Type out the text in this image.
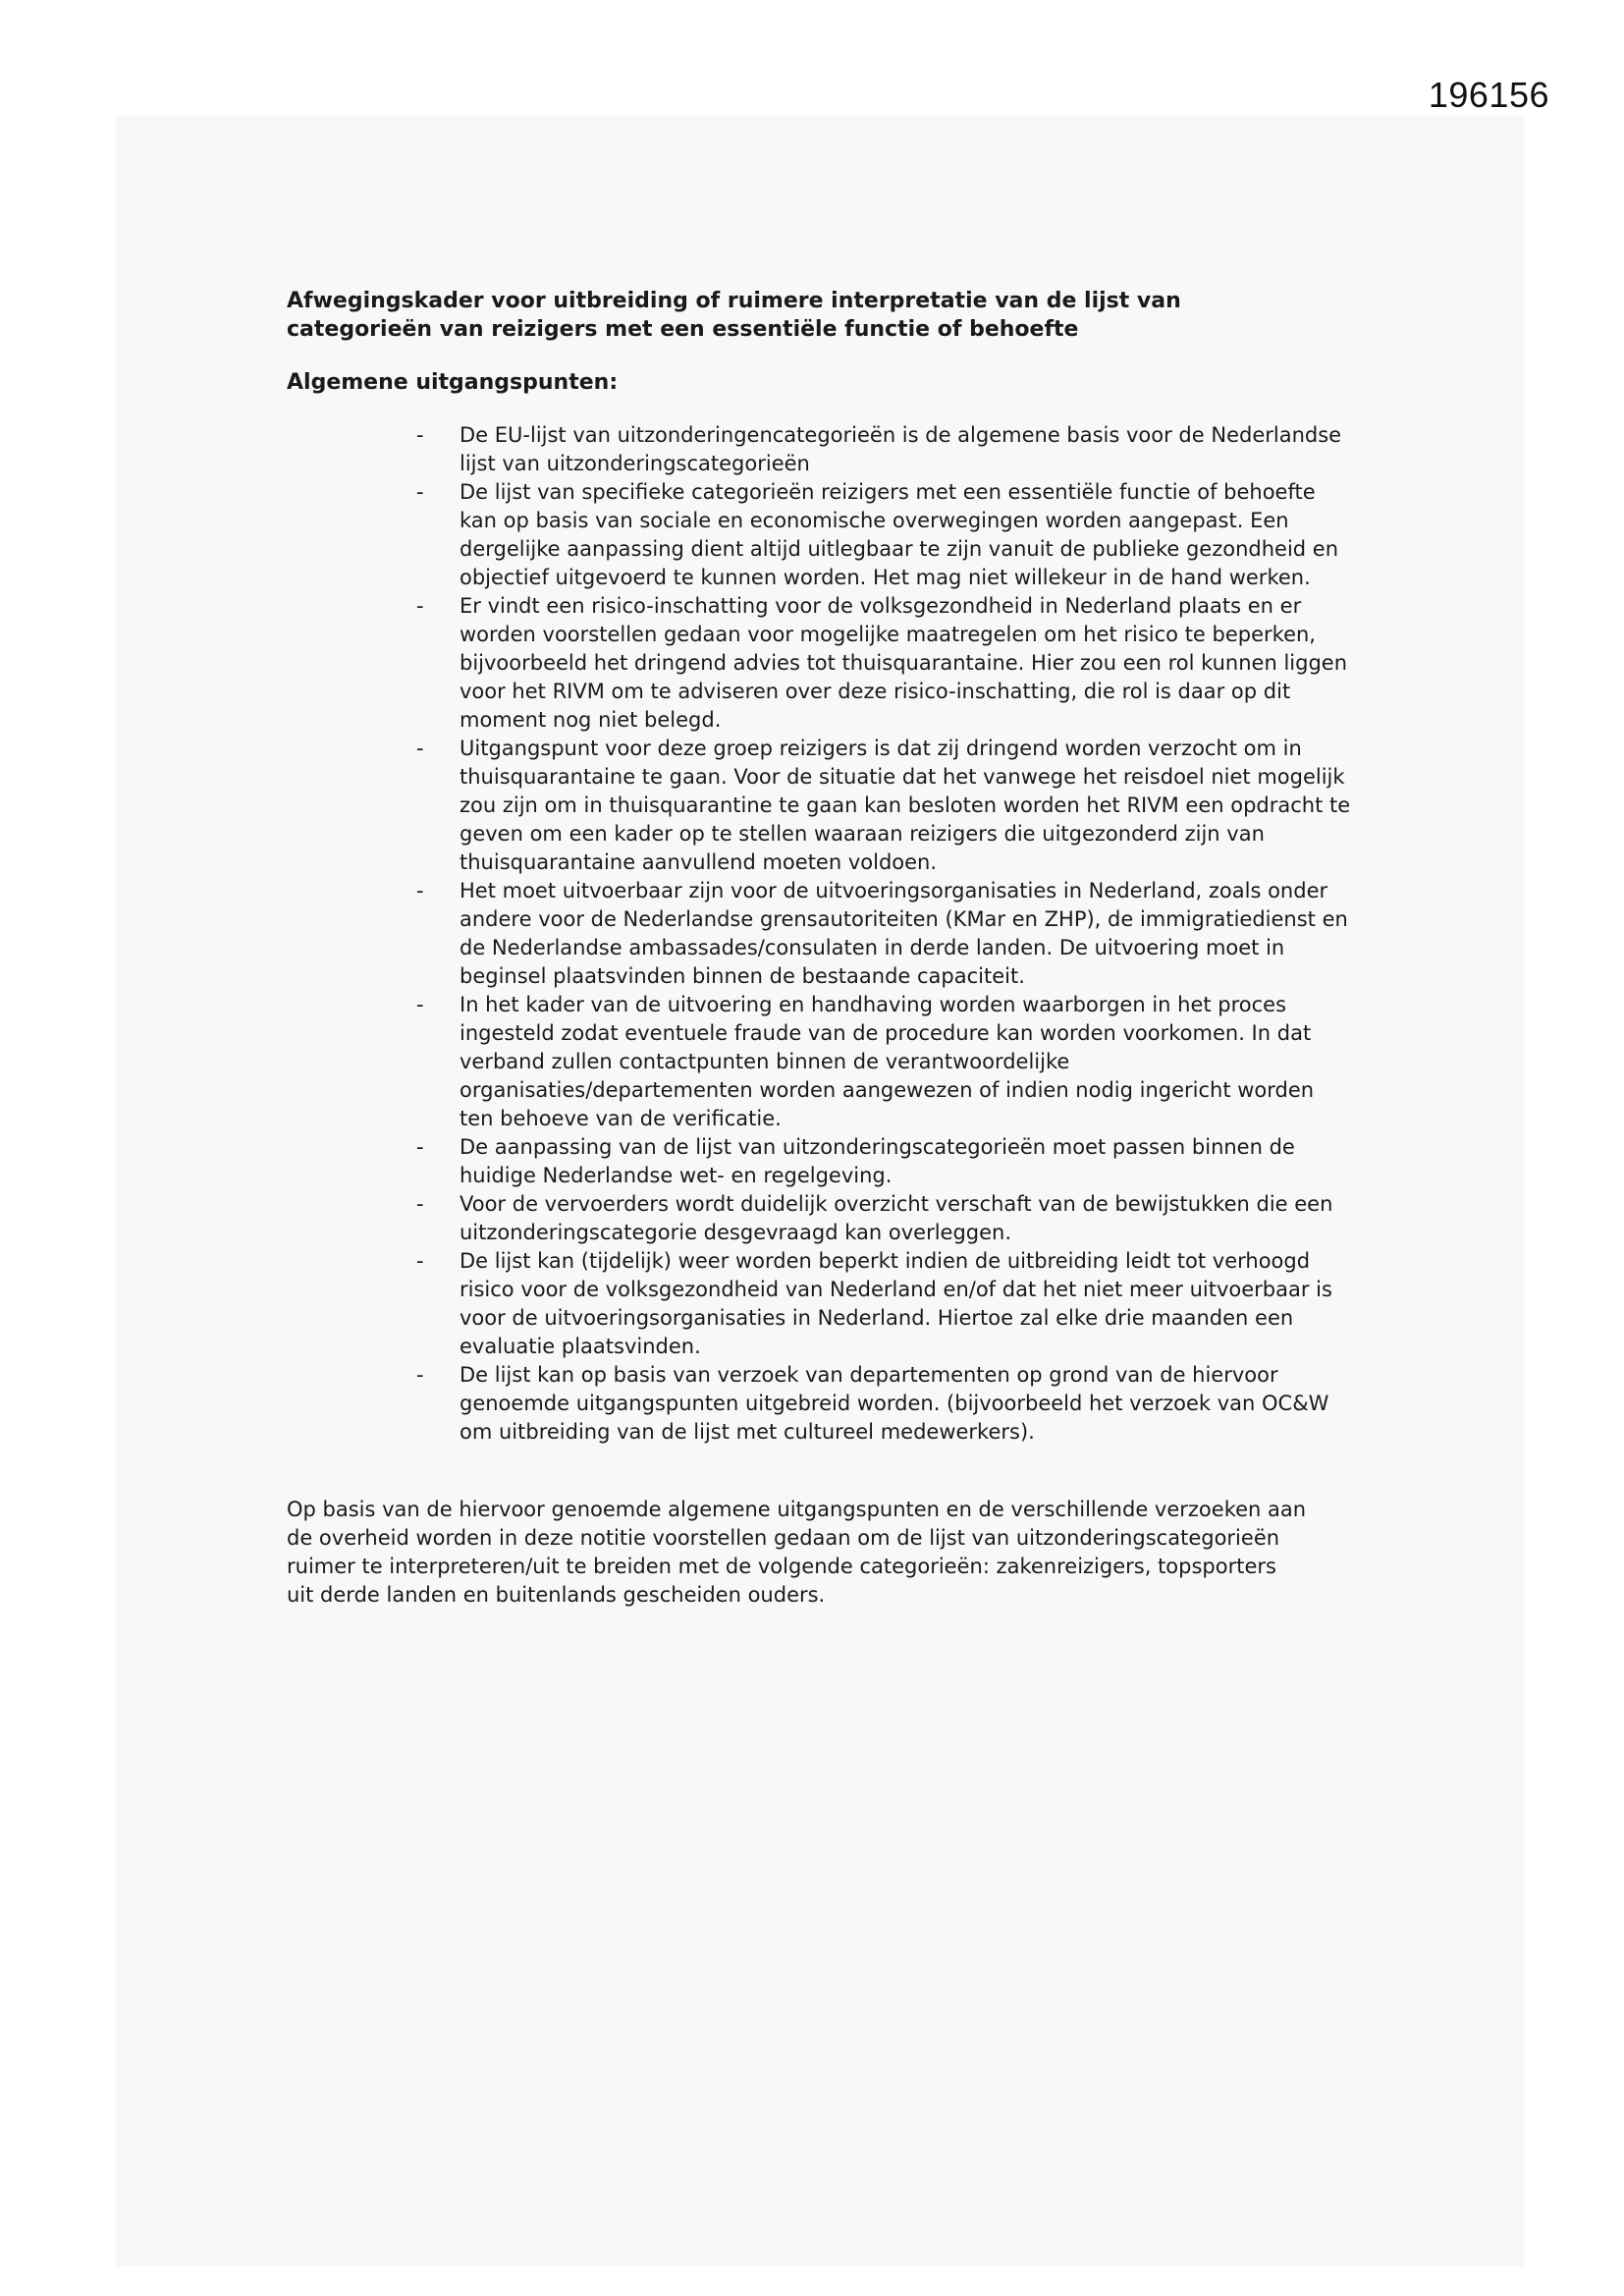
196156
Afwegingskader voor uitbreiding of ruimere interpretatie van de lijst van categorieën van reizigers met een essentiële functie of behoefte
Algemene uitgangspunten:
- De EU-lijst van uitzonderingencategorieën is de algemene basis voor de Nederlandse lijst van uitzonderingscategorieën
- De lijst van specifieke categorieën reizigers met een essentiële functie of behoefte kan op basis van sociale en economische overwegingen worden aangepast. Een dergelijke aanpassing dient altijd uitlegbaar te zijn vanuit de publieke gezondheid en objectief uitgevoerd te kunnen worden. Het mag niet willekeur in de hand werken.
- Er vindt een risico-inschatting voor de volksgezondheid in Nederland plaats en er worden voorstellen gedaan voor mogelijke maatregelen om het risico te beperken, bijvoorbeeld het dringend advies tot thuisquarantaine. Hier zou een rol kunnen liggen voor het RIVM om te adviseren over deze risico-inschatting, die rol is daar op dit moment nog niet belegd.
- Uitgangspunt voor deze groep reizigers is dat zij dringend worden verzocht om in thuisquarantaine te gaan. Voor de situatie dat het vanwege het reisdoel niet mogelijk zou zijn om in thuisquarantine te gaan kan besloten worden het RIVM een opdracht te geven om een kader op te stellen waaraan reizigers die uitgezonderd zijn van thuisquarantaine aanvullend moeten voldoen.
- Het moet uitvoerbaar zijn voor de uitvoeringsorganisaties in Nederland, zoals onder andere voor de Nederlandse grensautoriteiten (KMar en ZHP), de immigratiedienst en de Nederlandse ambassades/consulaten in derde landen. De uitvoering moet in beginsel plaatsvinden binnen de bestaande capaciteit.
- In het kader van de uitvoering en handhaving worden waarborgen in het proces ingesteld zodat eventuele fraude van de procedure kan worden voorkomen. In dat verband zullen contactpunten binnen de verantwoordelijke organisaties/departementen worden aangewezen of indien nodig ingericht worden ten behoeve van de verificatie.
- De aanpassing van de lijst van uitzonderingscategorieën moet passen binnen de huidige Nederlandse wet- en regelgeving.
- Voor de vervoerders wordt duidelijk overzicht verschaft van de bewijstukken die een uitzonderingscategorie desgevraagd kan overleggen.
- De lijst kan (tijdelijk) weer worden beperkt indien de uitbreiding leidt tot verhoogd risico voor de volksgezondheid van Nederland en/of dat het niet meer uitvoerbaar is voor de uitvoeringsorganisaties in Nederland. Hiertoe zal elke drie maanden een evaluatie plaatsvinden.
- De lijst kan op basis van verzoek van departementen op grond van de hiervoor genoemde uitgangspunten uitgebreid worden. (bijvoorbeeld het verzoek van OC&W om uitbreiding van de lijst met cultureel medewerkers).

Op basis van de hiervoor genoemde algemene uitgangspunten en de verschillende verzoeken aan de overheid worden in deze notitie voorstellen gedaan om de lijst van uitzonderingscategorieën ruimer te interpreteren/uit te breiden met de volgende categorieën: zakenreizigers, topsporters uit derde landen en buitenlands gescheiden ouders.
